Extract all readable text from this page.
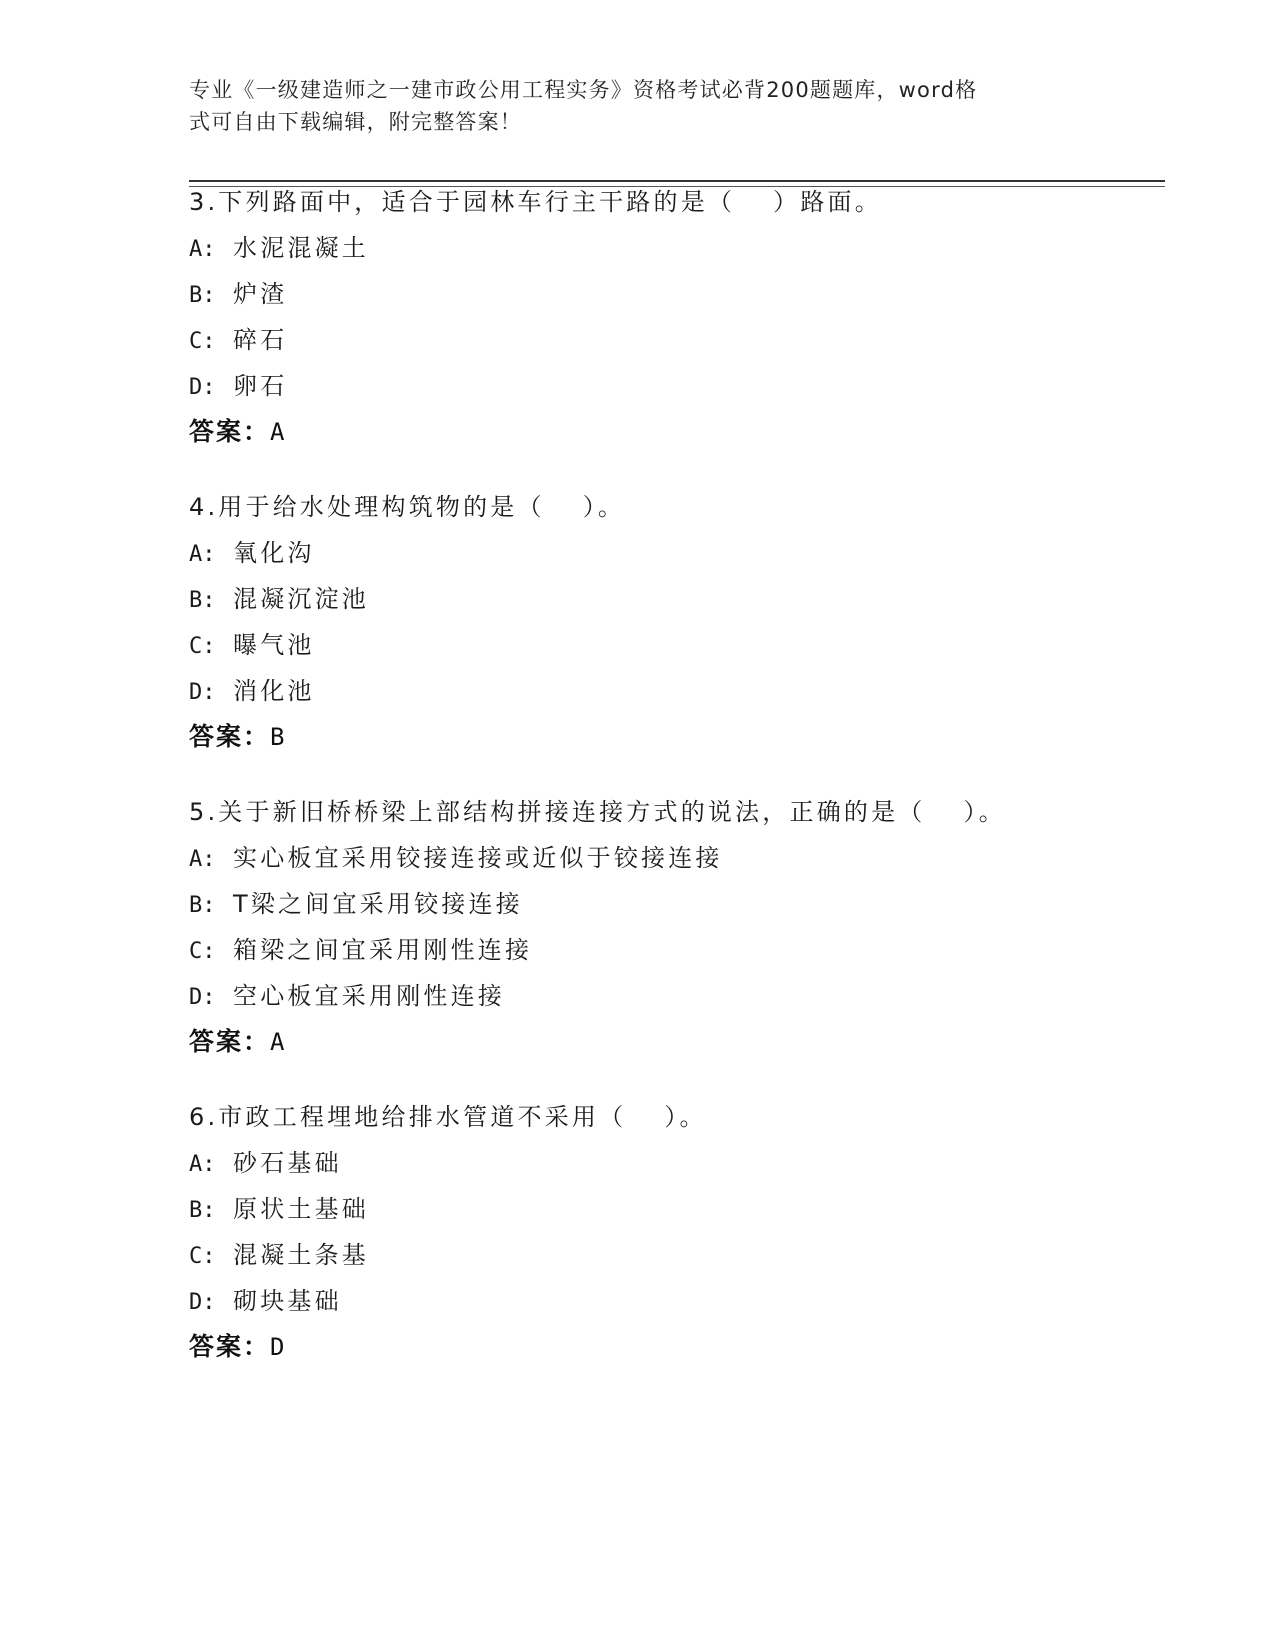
专业《一级建造师之一建市政公用工程实务》资格考试必背200题题库，word格
式可自由下载编辑，附完整答案！
3.下列路面中，适合于园林车行主干路的是（　 ）路面。
A: 水泥混凝土
B: 炉渣
C: 碎石
D: 卵石
答案：A
4.用于给水处理构筑物的是（　 ）。
A: 氧化沟
B: 混凝沉淀池
C: 曝气池
D: 消化池
答案：B
5.关于新旧桥桥梁上部结构拼接连接方式的说法，正确的是（　 ）。
A: 实心板宜采用铰接连接或近似于铰接连接
B: T梁之间宜采用铰接连接
C: 箱梁之间宜采用刚性连接
D: 空心板宜采用刚性连接
答案：A
6.市政工程埋地给排水管道不采用（　 ）。
A: 砂石基础
B: 原状土基础
C: 混凝土条基
D: 砌块基础
答案：D
